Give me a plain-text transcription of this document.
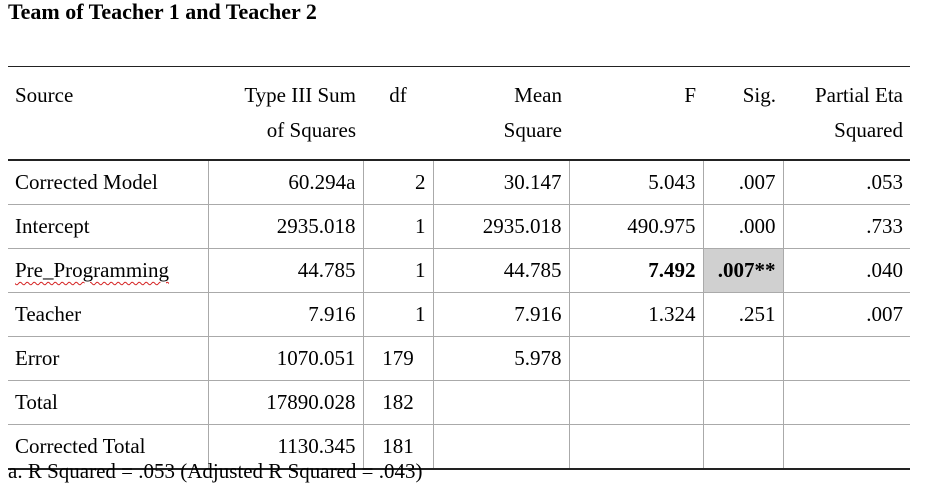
Team of Teacher 1 and Teacher 2
Source	Type III Sum	df	Mean	F	Sig.	Partial Eta
	of Squares		Square			Squared
Corrected Model	60.294a	2	30.147	5.043	.007	.053
Intercept	2935.018	1	2935.018	490.975	.000	.733
Pre_Programming	44.785	1	44.785	7.492	.007**	.040
Teacher	7.916	1	7.916	1.324	.251	.007
Error	1070.051	179	5.978			
Total	17890.028	182				
Corrected Total	1130.345	181				
a. R Squared = .053 (Adjusted R Squared = .043)
